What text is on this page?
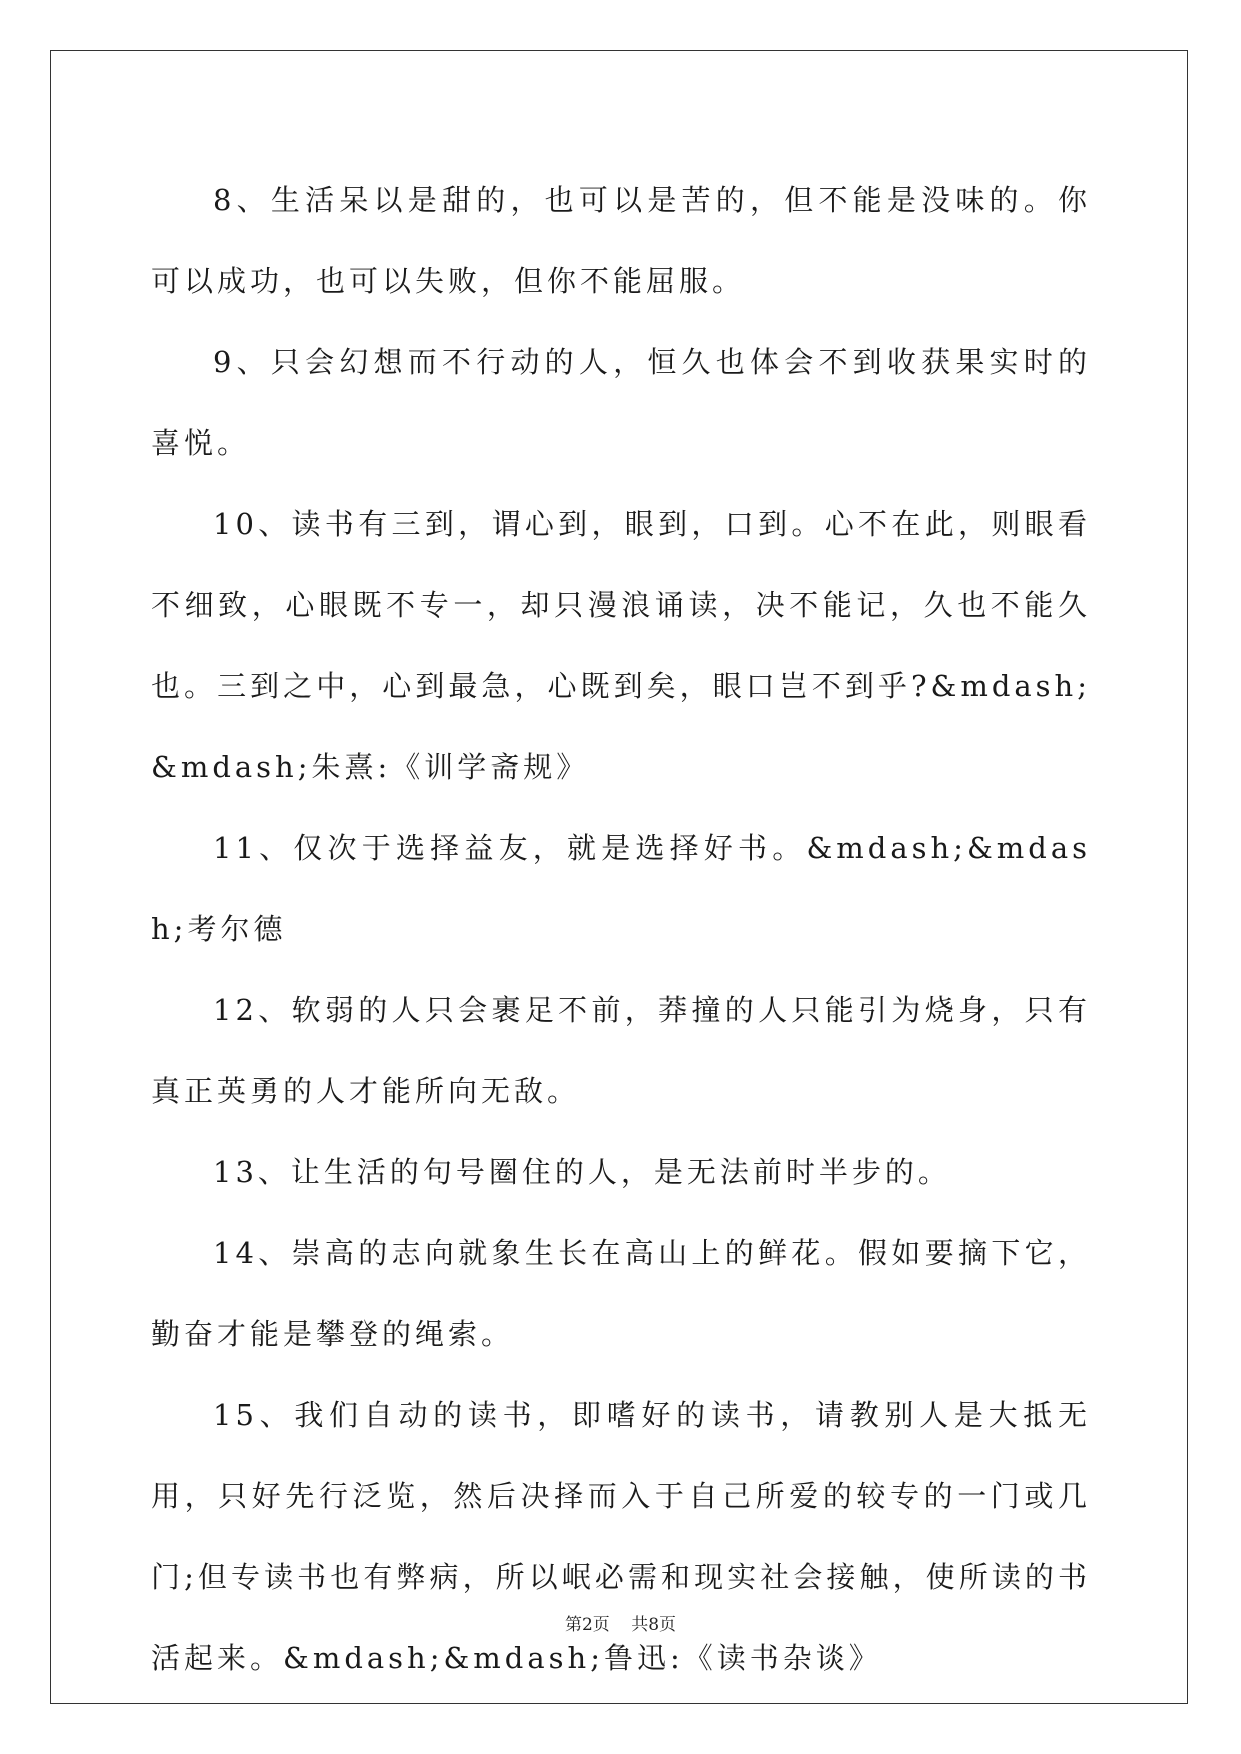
8、生活呆以是甜的，也可以是苦的，但不能是没味的。你可以成功，也可以失败，但你不能屈服。

9、只会幻想而不行动的人，恒久也体会不到收获果实时的喜悦。

10、读书有三到，谓心到，眼到，口到。心不在此，则眼看不细致，心眼既不专一，却只漫浪诵读，决不能记，久也不能久也。三到之中，心到最急，心既到矣，眼口岂不到乎?&mdash;&mdash;朱熹:《训学斋规》

11、仅次于选择益友，就是选择好书。&mdash;&mdash;考尔德

12、软弱的人只会裹足不前，莽撞的人只能引为烧身，只有真正英勇的人才能所向无敌。

13、让生活的句号圈住的人，是无法前时半步的。

14、崇高的志向就象生长在高山上的鲜花。假如要摘下它，勤奋才能是攀登的绳索。

15、我们自动的读书，即嗜好的读书，请教别人是大抵无用，只好先行泛览，然后决择而入于自己所爱的较专的一门或几门;但专读书也有弊病，所以岷必需和现实社会接触，使所读的书活起来。&mdash;&mdash;鲁迅:《读书杂谈》

第2页 共8页
